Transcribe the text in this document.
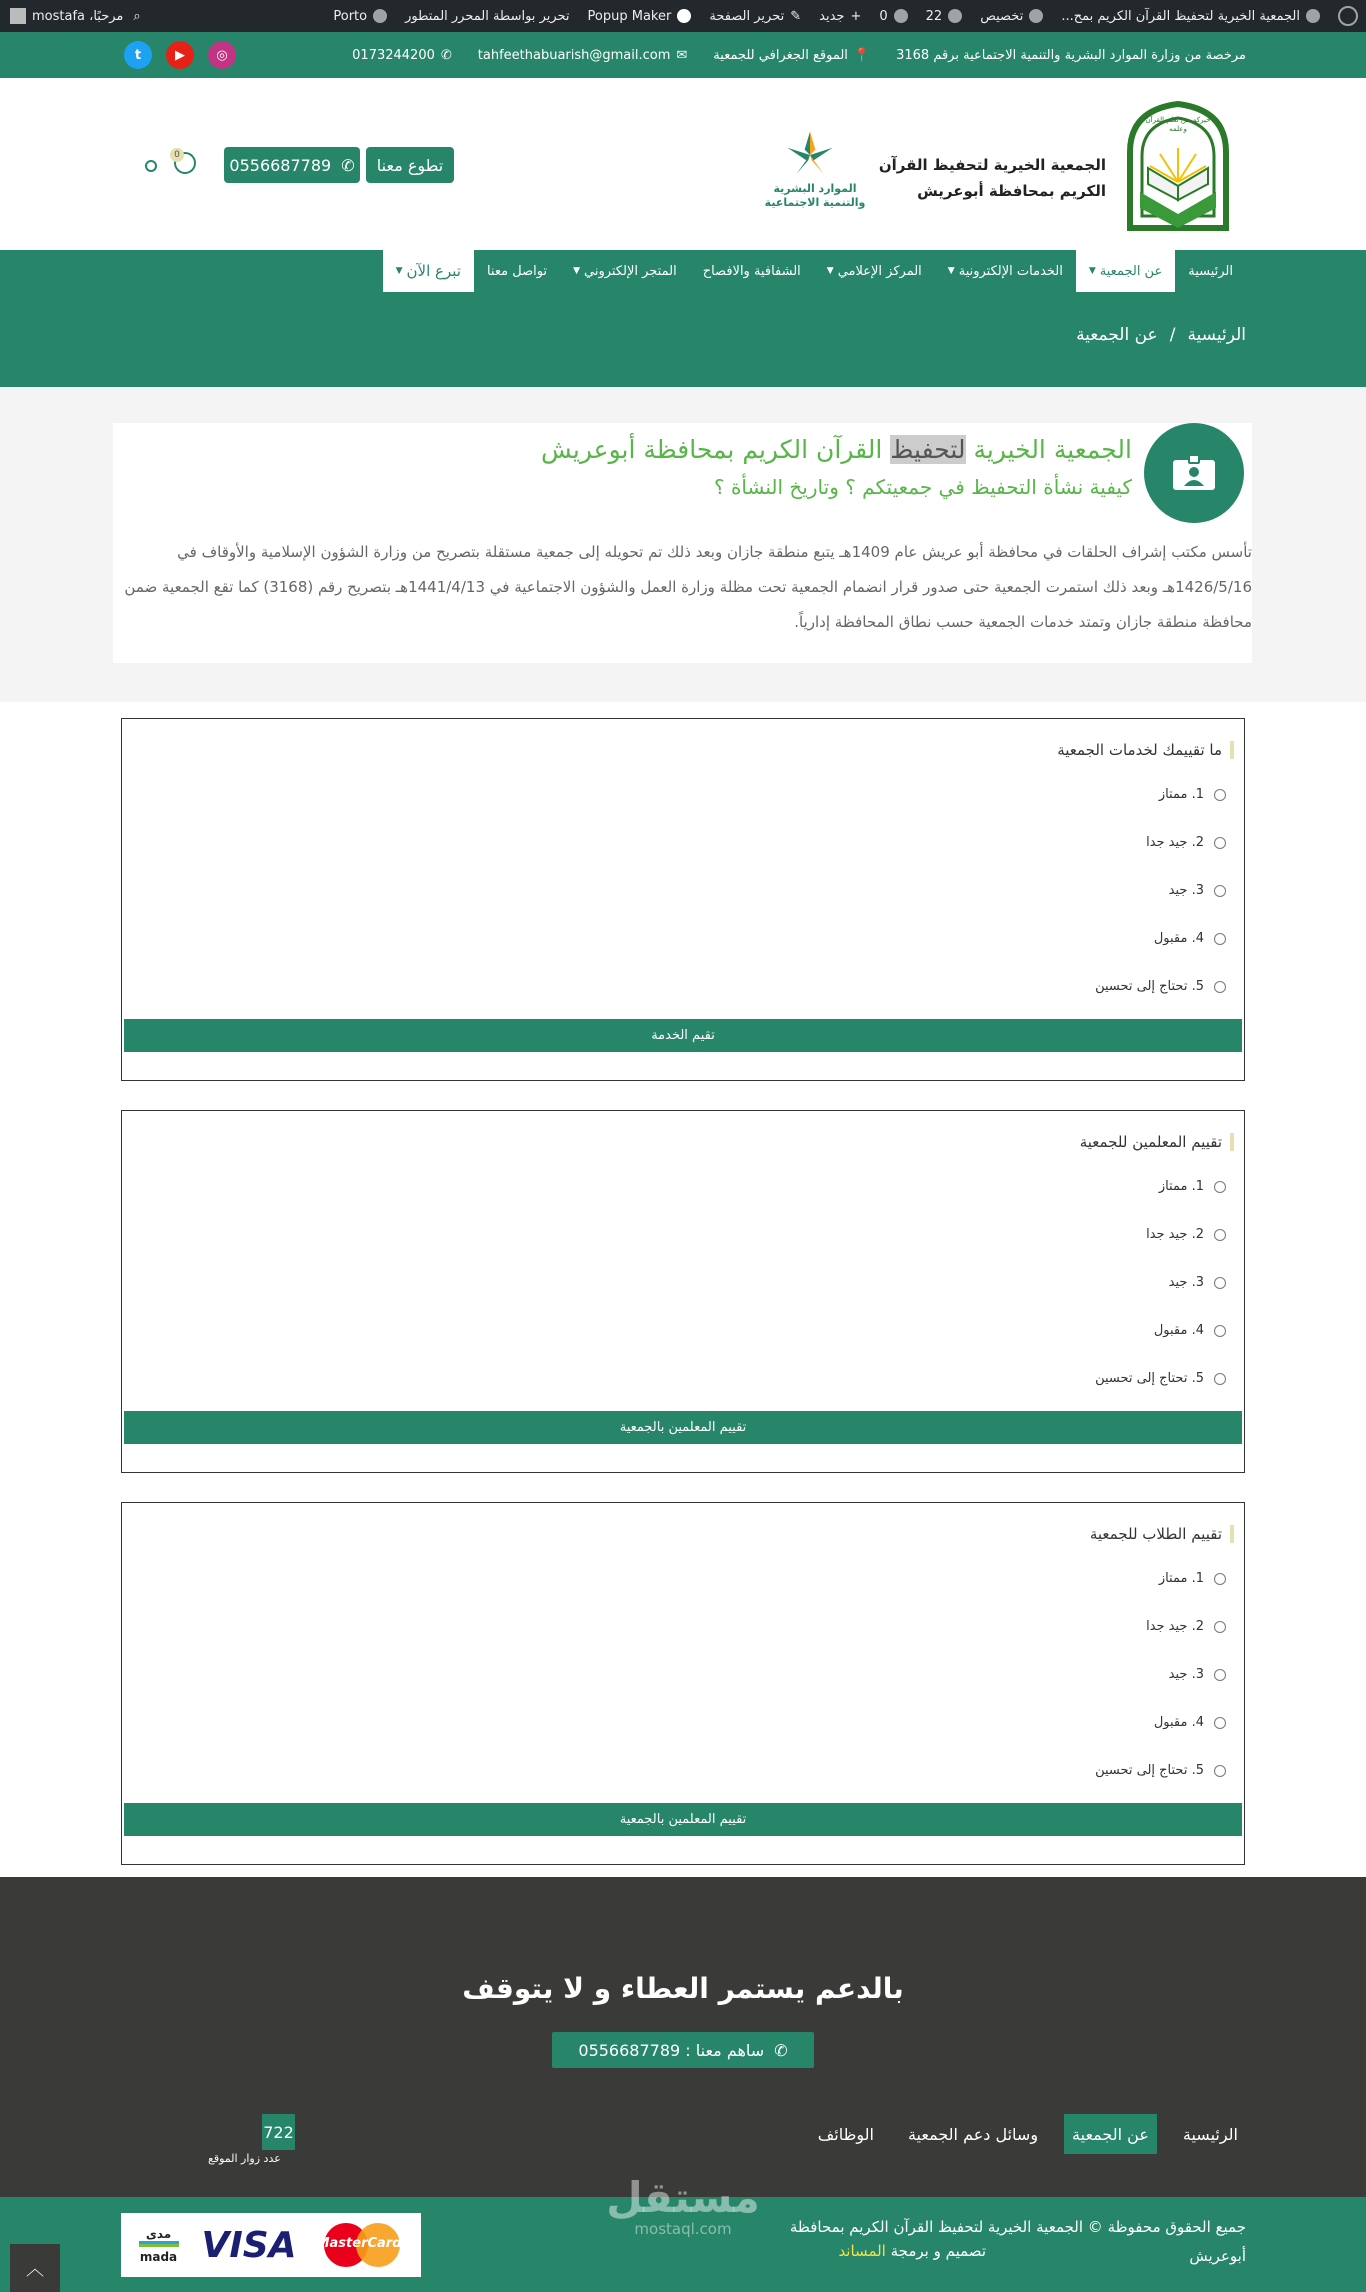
الجمعية الخيرية لتحفيظ القرآن الكريم بمح...
تخصيص
22
0
+
جديد
✎
تحرير الصفحة
Popup Maker
تحرير بواسطة المحرر المتطور
Porto
⌕
مرحبًا، mostafa
مرخصة من وزارة الموارد البشرية والتنمية الاجتماعية برقم 3168
📍
الموقع الجغرافي للجمعية
✉
tahfeethabuarish@gmail.com
✆
0173244200
◎
▶
t
خيركم من تعلم القرآن وعلمه
الجمعية الخيرية لتحفيظ القرآن
الكريم بمحافظة أبوعريش
الموارد البشرية
والتنمية الاجتماعية
تطوع معنا
✆
0556687789
0
الرئيسية
عن الجمعية
▼
الخدمات الإلكترونية
▼
المركز الإعلامي
▼
الشفافية والافصاح
المتجر الإلكتروني
▼
تواصل معنا
تبرع الآن
▼
الرئيسية
/
عن الجمعية
الجمعية الخيرية لتحفيظ القرآن الكريم بمحافظة أبوعريش
كيفية نشأة التحفيظ في جمعيتكم ؟ وتاريخ النشأة ؟
تأسس مكتب إشراف الحلقات في محافظة أبو عريش عام 1409هـ يتبع منطقة جازان وبعد ذلك تم تحويله إلى جمعية مستقلة بتصريح من وزارة الشؤون الإسلامية والأوقاف في 1426/5/16هـ وبعد ذلك استمرت الجمعية حتى صدور قرار انضمام الجمعية تحت مظلة وزارة العمل والشؤون الاجتماعية في 1441/4/13هـ بتصريح رقم (3168) كما تقع الجمعية ضمن محافظة منطقة جازان وتمتد خدمات الجمعية حسب نطاق المحافظة إدارياً.
ما تقييمك لخدمات الجمعية
1. ممتاز
2. جيد جدا
3. جيد
4. مقبول
5. تحتاج إلى تحسين
تقيم الخدمة
تقييم المعلمين للجمعية
1. ممتاز
2. جيد جدا
3. جيد
4. مقبول
5. تحتاج إلى تحسين
تقييم المعلمين بالجمعية
تقييم الطلاب للجمعية
1. ممتاز
2. جيد جدا
3. جيد
4. مقبول
5. تحتاج إلى تحسين
تقييم المعلمين بالجمعية
بالدعم يستمر العطاء و لا يتوقف
✆
ساهم معنا : 0556687789
الرئيسية
عن الجمعية
وسائل دعم الجمعية
الوظائف
722
عدد زوار الموقع
جميع الحقوق محفوظة © الجمعية الخيرية لتحفيظ القرآن الكريم بمحافظة
أبوعريش
تصميم و برمجة المساند
MasterCard
VISA
مدى
mada
مستقل
mostaql.com
︿
